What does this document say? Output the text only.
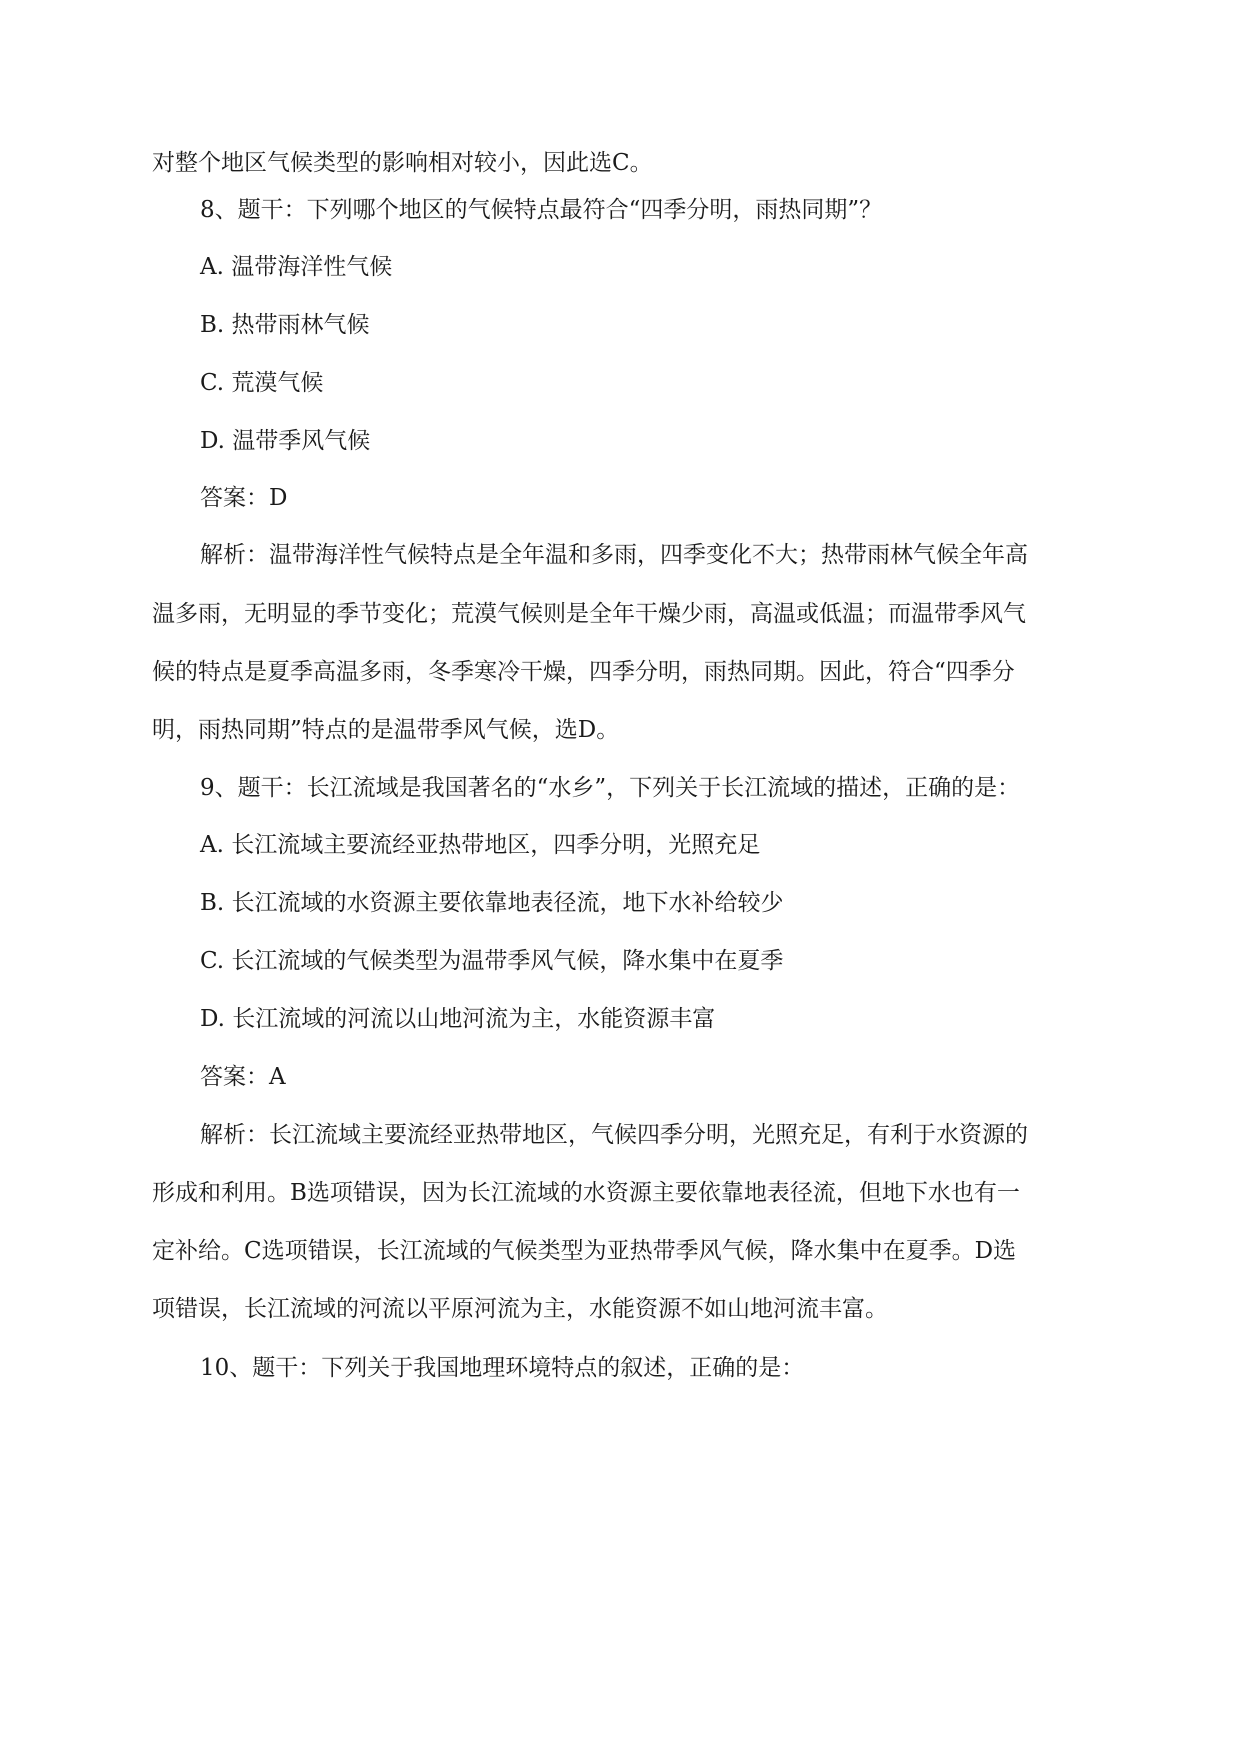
对整个地区气候类型的影响相对较小，因此选C。
8、题干：下列哪个地区的气候特点最符合“四季分明，雨热同期”？
A. 温带海洋性气候
B. 热带雨林气候
C. 荒漠气候
D. 温带季风气候
答案：D
解析：温带海洋性气候特点是全年温和多雨，四季变化不大；热带雨林气候全年高
温多雨，无明显的季节变化；荒漠气候则是全年干燥少雨，高温或低温；而温带季风气
候的特点是夏季高温多雨，冬季寒冷干燥，四季分明，雨热同期。因此，符合“四季分
明，雨热同期”特点的是温带季风气候，选D。
9、题干：长江流域是我国著名的“水乡”，下列关于长江流域的描述，正确的是：
A. 长江流域主要流经亚热带地区，四季分明，光照充足
B. 长江流域的水资源主要依靠地表径流，地下水补给较少
C. 长江流域的气候类型为温带季风气候，降水集中在夏季
D. 长江流域的河流以山地河流为主，水能资源丰富
答案：A
解析：长江流域主要流经亚热带地区，气候四季分明，光照充足，有利于水资源的
形成和利用。B选项错误，因为长江流域的水资源主要依靠地表径流，但地下水也有一
定补给。C选项错误，长江流域的气候类型为亚热带季风气候，降水集中在夏季。D选
项错误，长江流域的河流以平原河流为主，水能资源不如山地河流丰富。
10、题干：下列关于我国地理环境特点的叙述，正确的是：
